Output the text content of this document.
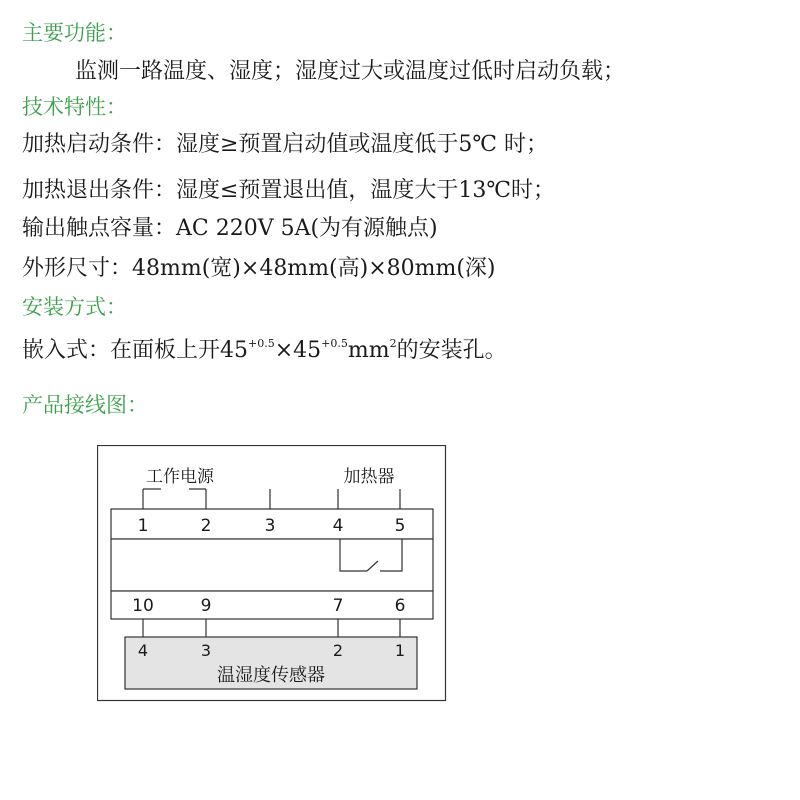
主要功能：
监测一路温度、湿度；湿度过大或温度过低时启动负载；
技术特性：
加热启动条件：湿度≥预置启动值或温度低于5℃ 时；
加热退出条件：湿度≤预置退出值，温度大于13℃时；
输出触点容量：AC 220V 5A(为有源触点)
外形尺寸：48mm(宽)×48mm(高)×80mm(深)
安装方式：
嵌入式：在面板上开$45^{+0.5}\times 45^{+0.5}mm^2$的安装孔。
产品接线图：
工作电源	加热器
1	2	3	4	5
10	9	7	6
4	3	2	1
温湿度传感器
